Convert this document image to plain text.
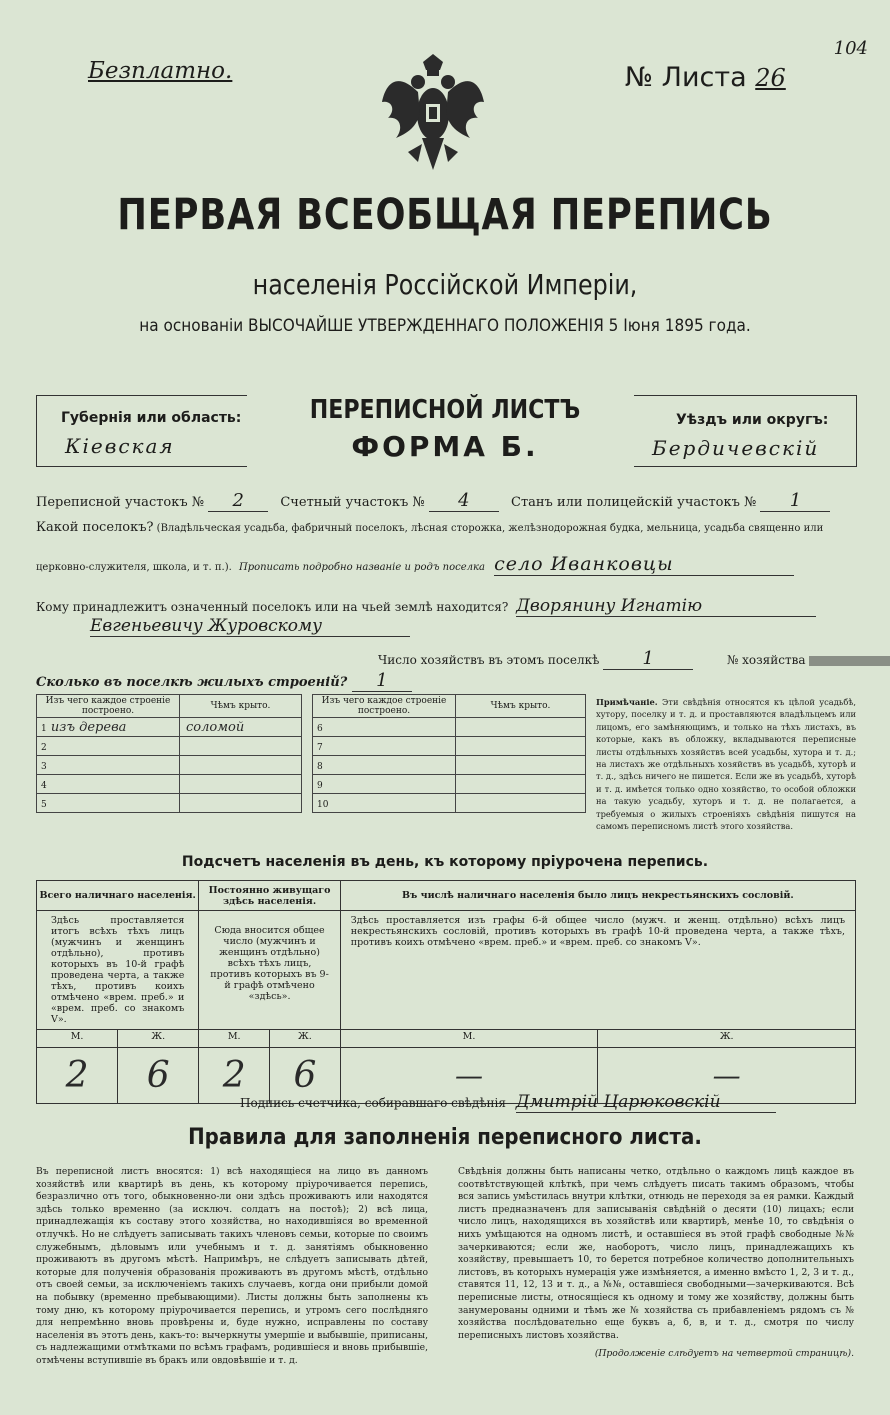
Безплатно.	№ Листа 26
104
ПЕРВАЯ ВСЕОБЩАЯ ПЕРЕПИСЬ
населенія Россійской Имперіи,
на основаніи ВЫСОЧАЙШЕ УТВЕРЖДЕННАГО ПОЛОЖЕНІЯ 5 Іюня 1895 года.
Губернія или область:
Кіевская
ПЕРЕПИСНОЙ ЛИСТЪ
ФОРМА Б.
Уѣздъ или округъ:
Бердичевскій
Переписной участокъ № 2	Счетный участокъ № 4	Станъ или полицейскій участокъ № 1
Какой поселокъ? (Владѣльческая усадьба, фабричный поселокъ, лѣсная сторожка, желѣзнодорожная будка, мельница, усадьба священно или
церковно-служителя, школа, и т. п.). Прописать подробно названіе и родъ поселка село Иванковцы
Кому принадлежитъ означенный поселокъ или на чьей землѣ находится? Дворянину Игнатію
Евгеньевичу Журовскому
Число хозяйствъ въ этомъ поселкѣ 1	№ хозяйства
Сколько въ поселкѣ жилыхъ строеній? 1
Изъ чего каждое строеніе построено.	Чѣмъ крыто.
1 изъ дерева	соломой
2	
3	
4	
5	
Изъ чего каждое строеніе построено.	Чѣмъ крыто.
6	
7	
8	
9	
10	
Примѣчаніе. Эти свѣдѣнія относятся къ цѣлой усадьбѣ, хутору, поселку и т. д. и проставляются владѣльцемъ или лицомъ, его замѣняющимъ, и только на тѣхъ листахъ, въ которые, какъ въ обложку, вкладываются переписные листы отдѣльныхъ хозяйствъ всей усадьбы, хутора и т. д.; на листахъ же отдѣльныхъ хозяйствъ въ усадьбѣ, хуторѣ и т. д., здѣсь ничего не пишется. Если же въ усадьбѣ, хуторѣ и т. д. имѣется только одно хозяйство, то особой обложки на такую усадьбу, хуторъ и т. д. не полагается, а требуемыя о жилыхъ строеніяхъ свѣдѣнія пишутся на самомъ переписномъ листѣ этого хозяйства.
Подсчетъ населенія въ день, къ которому пріурочена перепись.
Всего наличнаго населенія.		Постоянно живущаго здѣсь населенія.		Въ числѣ наличнаго населенія было лицъ некрестьянскихъ сословій.	
Здѣсь проставляется итогъ всѣхъ тѣхъ лицъ (мужчинъ и женщинъ отдѣльно), противъ которыхъ въ 10-й графѣ проведена черта, а также тѣхъ, противъ коихъ отмѣчено «врем. преб.» и «врем. преб. со знакомъ V».		Сюда вносится общее число (мужчинъ и женщинъ отдѣльно) всѣхъ тѣхъ лицъ, противъ которыхъ въ 9-й графѣ отмѣчено «здѣсь».		Здѣсь проставляется изъ графы 6-й общее число (мужч. и женщ. отдѣльно) всѣхъ лицъ некрестьянскихъ сословій, противъ которыхъ въ графѣ 10-й проведена черта, а также тѣхъ, противъ коихъ отмѣчено «врем. преб.» и «врем. преб. со знакомъ V».	
М.	Ж.	М.	Ж.	М.	Ж.
2	6	2	6	—	—
Подпись счетчика, собиравшаго свѣдѣнія Дмитрій Царюковскій
Правила для заполненія переписного листа.
Въ переписной листъ вносятся: 1) всѣ находящіеся на лицо въ данномъ хозяйствѣ или квартирѣ въ день, къ которому пріурочивается перепись, безразлично отъ того, обыкновенно-ли они здѣсь проживаютъ или находятся здѣсь только временно (за исключ. солдатъ на постоѣ); 2) всѣ лица, принадлежащія къ составу этого хозяйства, но находившіяся во временной отлучкѣ. Но не слѣдуетъ записывать такихъ членовъ семьи, которые по своимъ служебнымъ, дѣловымъ или учебнымъ и т. д. занятіямъ обыкновенно проживаютъ въ другомъ мѣстѣ. Напримѣръ, не слѣдуетъ записывать дѣтей, которые для полученія образованія проживаютъ въ другомъ мѣстѣ, отдѣльно отъ своей семьи, за исключеніемъ такихъ случаевъ, когда они прибыли домой на побывку (временно пребывающими). Листы должны быть заполнены къ тому дню, къ которому пріурочивается перепись, и утромъ сего послѣдняго для непремѣнно вновь провѣрены и, буде нужно, исправлены по составу населенія въ этотъ день, какъ-то: вычеркнуты умершіе и выбывшіе, приписаны, съ надлежащими отмѣтками по всѣмъ графамъ, родившіеся и вновь прибывшіе, отмѣчены вступившіе въ бракъ или овдовѣвшіе и т. д.
Свѣдѣнія должны быть написаны четко, отдѣльно о каждомъ лицѣ каждое въ соотвѣтствующей клѣткѣ, при чемъ слѣдуетъ писать такимъ образомъ, чтобы вся запись умѣстилась внутри клѣтки, отнюдь не переходя за ея рамки. Каждый листъ предназначенъ для записыванія свѣдѣній о десяти (10) лицахъ; если число лицъ, находящихся въ хозяйствѣ или квартирѣ, менѣе 10, то свѣдѣнія о нихъ умѣщаются на одномъ листѣ, и оставшіеся въ этой графѣ свободные №№ зачеркиваются; если же, наоборотъ, число лицъ, принадлежащихъ къ хозяйству, превышаетъ 10, то берется потребное количество дополнительныхъ листовъ, въ которыхъ нумерація уже измѣняется, а именно вмѣсто 1, 2, 3 и т. д., ставятся 11, 12, 13 и т. д., а №№, оставшіеся свободными—зачеркиваются. Всѣ переписные листы, относящіеся къ одному и тому же хозяйству, должны быть занумерованы одними и тѣмъ же № хозяйства съ прибавленіемъ рядомъ съ № хозяйства послѣдовательно еще буквъ а, б, в, и т. д., смотря по числу переписныхъ листовъ хозяйства.
(Продолженіе слѣдуетъ на четвертой страницѣ).
